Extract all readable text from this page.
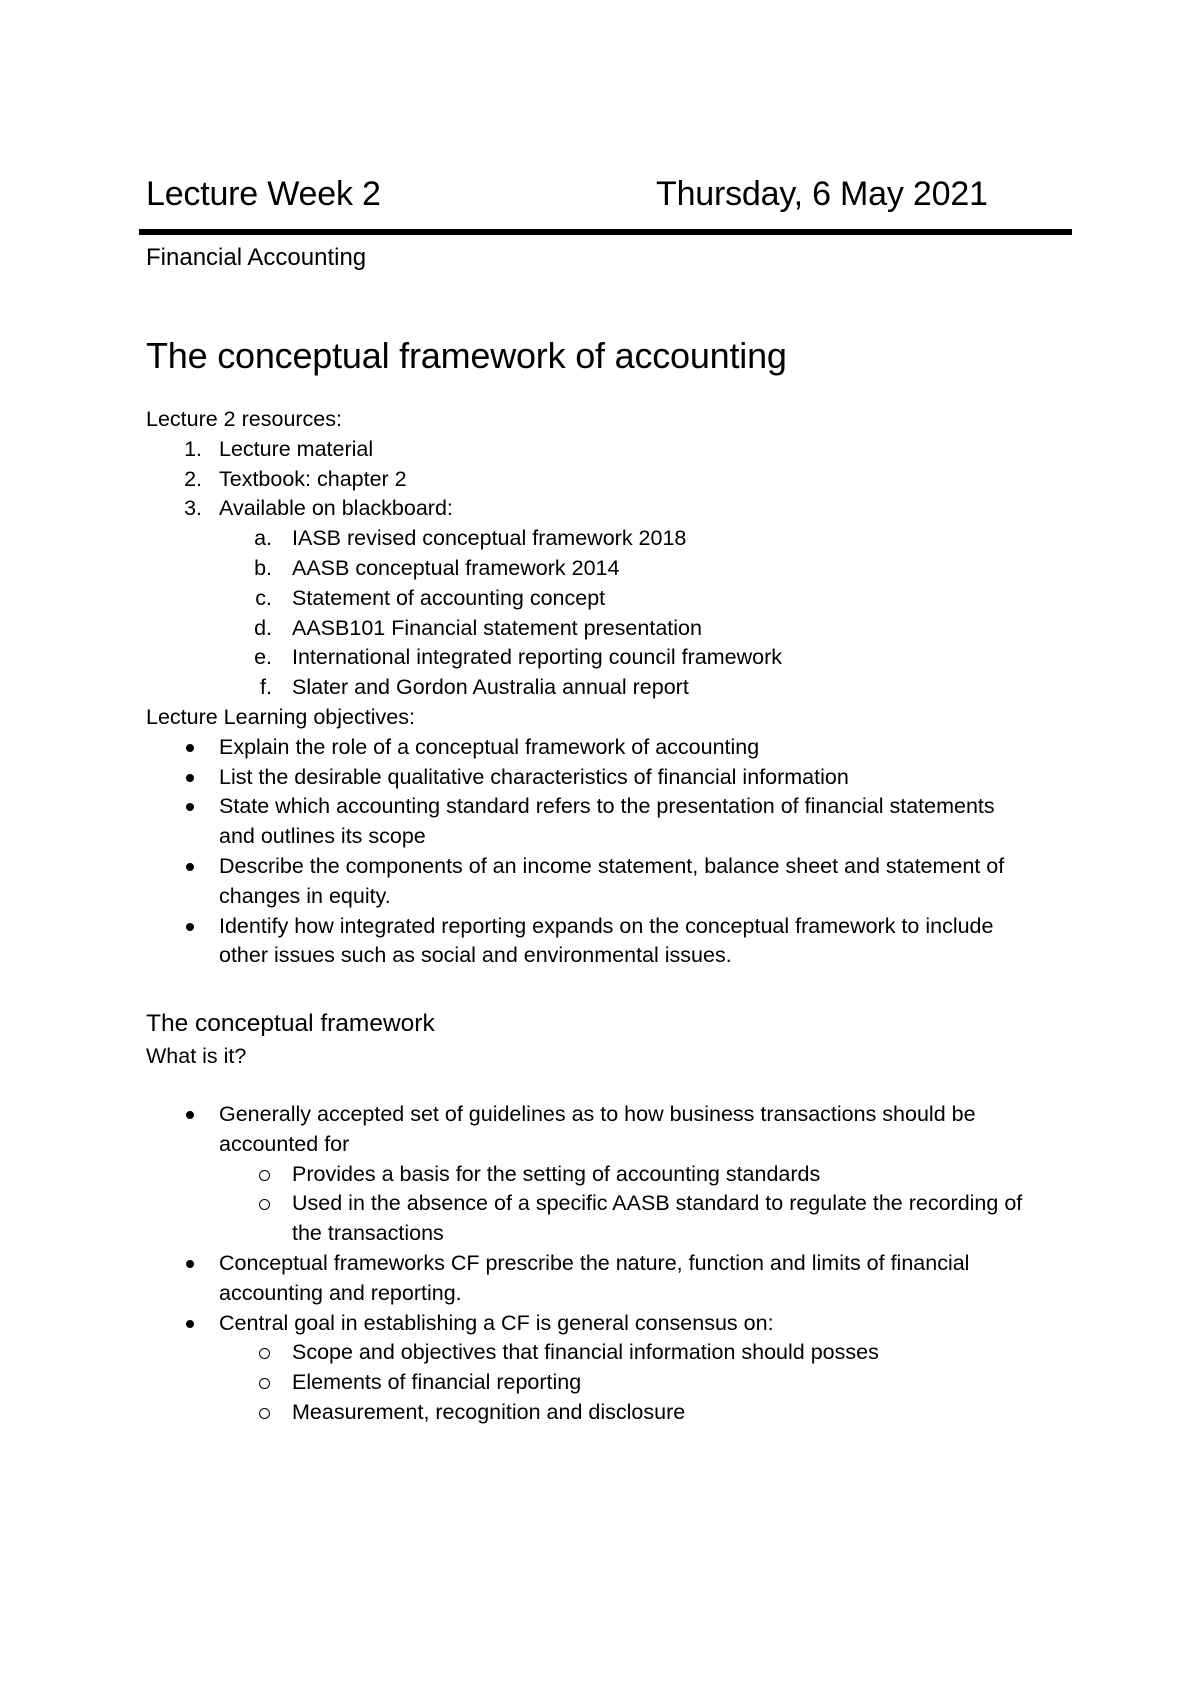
Lecture Week 2	Thursday, 6 May 2021
Financial Accounting
The conceptual framework of accounting
Lecture 2 resources:
1. Lecture material
2. Textbook: chapter 2
3. Available on blackboard:
a. IASB revised conceptual framework 2018
b. AASB conceptual framework 2014
c. Statement of accounting concept
d. AASB101 Financial statement presentation
e. International integrated reporting council framework
f. Slater and Gordon Australia annual report
Lecture Learning objectives:
Explain the role of a conceptual framework of accounting
List the desirable qualitative characteristics of financial information
State which accounting standard refers to the presentation of financial statements
and outlines its scope
Describe the components of an income statement, balance sheet and statement of
changes in equity.
Identify how integrated reporting expands on the conceptual framework to include
other issues such as social and environmental issues.
The conceptual framework
What is it?
Generally accepted set of guidelines as to how business transactions should be
accounted for
Provides a basis for the setting of accounting standards
Used in the absence of a specific AASB standard to regulate the recording of
the transactions
Conceptual frameworks CF prescribe the nature, function and limits of financial
accounting and reporting.
Central goal in establishing a CF is general consensus on:
Scope and objectives that financial information should posses
Elements of financial reporting
Measurement, recognition and disclosure
